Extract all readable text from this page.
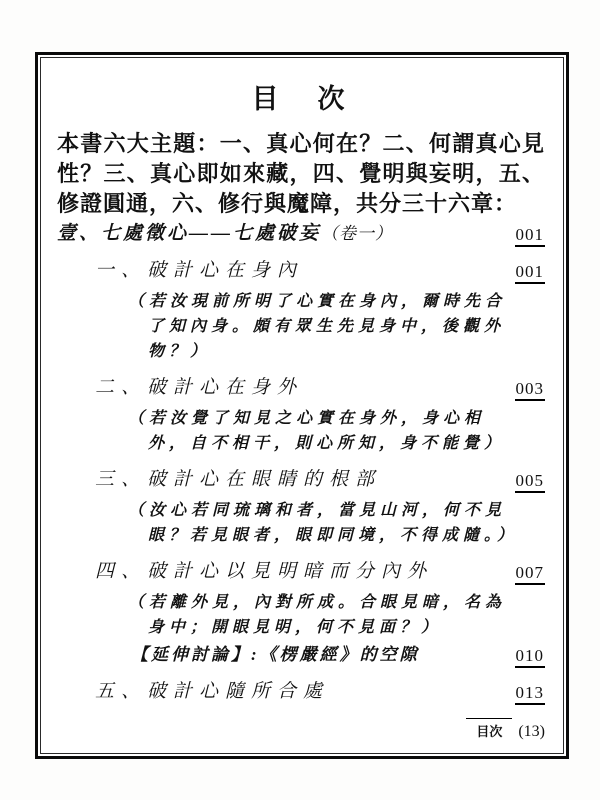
目　次
本書六大主題：一、真心何在？二、何謂真心見性？三、真心即如來藏，四、覺明與妄明，五、修證圓通，六、修行與魔障，共分三十六章：
壹、七處徵心——七處破妄（卷一）	001
一、破計心在身內	001
（若汝現前所明了心實在身內，爾時先合
了知內身。頗有眾生先見身中，後觀外
物？）
二、破計心在身外	003
（若汝覺了知見之心實在身外，身心相
外，自不相干，則心所知，身不能覺）
三、破計心在眼睛的根部	005
（汝心若同琉璃和者，當見山河，何不見
眼？若見眼者，眼即同境，不得成隨。）
四、破計心以見明暗而分內外	007
（若離外見，內對所成。合眼見暗，名為
身中；開眼見明，何不見面？）
【延伸討論】:《楞嚴經》的空隙	010
五、破計心隨所合處	013
目次	(13)
